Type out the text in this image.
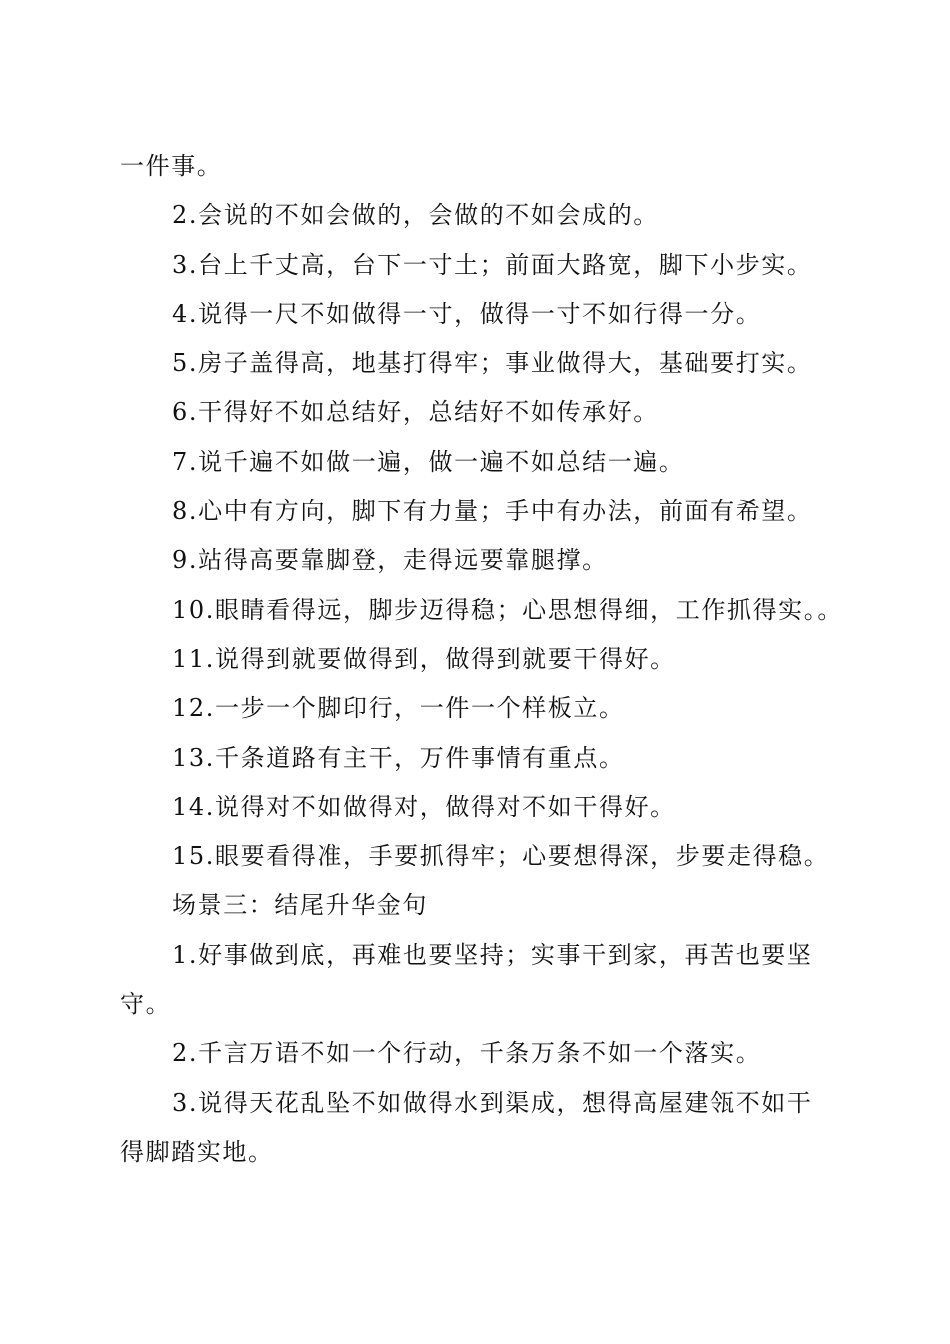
一件事。
2.会说的不如会做的，会做的不如会成的。
3.台上千丈高，台下一寸土；前面大路宽，脚下小步实。
4.说得一尺不如做得一寸，做得一寸不如行得一分。
5.房子盖得高，地基打得牢；事业做得大，基础要打实。
6.干得好不如总结好，总结好不如传承好。
7.说千遍不如做一遍，做一遍不如总结一遍。
8.心中有方向，脚下有力量；手中有办法，前面有希望。
9.站得高要靠脚登，走得远要靠腿撑。
10.眼睛看得远，脚步迈得稳；心思想得细，工作抓得实。。
11.说得到就要做得到，做得到就要干得好。
12.一步一个脚印行，一件一个样板立。
13.千条道路有主干，万件事情有重点。
14.说得对不如做得对，做得对不如干得好。
15.眼要看得准，手要抓得牢；心要想得深，步要走得稳。
场景三：结尾升华金句
1.好事做到底，再难也要坚持；实事干到家，再苦也要坚
守。
2.千言万语不如一个行动，千条万条不如一个落实。
3.说得天花乱坠不如做得水到渠成，想得高屋建瓴不如干
得脚踏实地。
